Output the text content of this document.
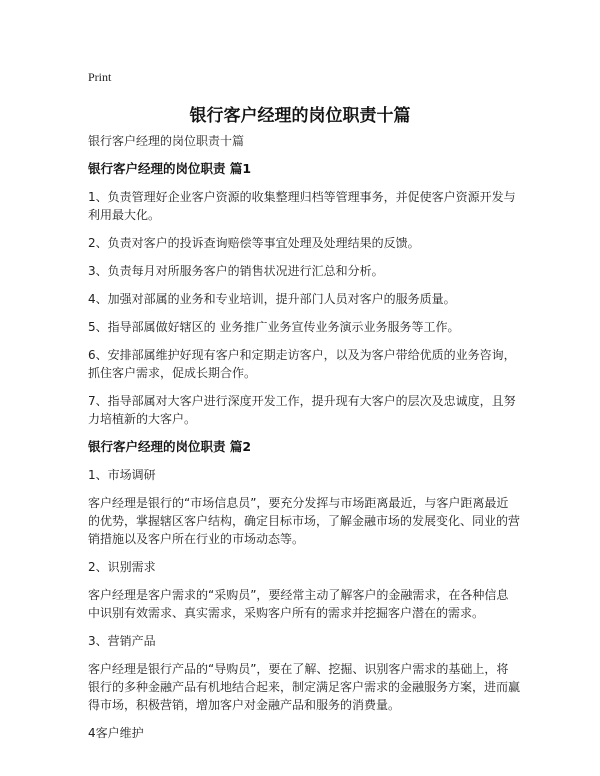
Print
银行客户经理的岗位职责十篇

银行客户经理的岗位职责十篇

银行客户经理的岗位职责 篇1

1、负责管理好企业客户资源的收集整理归档等管理事务，并促使客户资源开发与利用最大化。

2、负责对客户的投诉查询赔偿等事宜处理及处理结果的反馈。

3、负责每月对所服务客户的销售状况进行汇总和分析。

4、加强对部属的业务和专业培训，提升部门人员对客户的服务质量。

5、指导部属做好辖区的 业务推广业务宣传业务演示业务服务等工作。

6、安排部属维护好现有客户和定期走访客户，以及为客户带给优质的业务咨询，抓住客户需求，促成长期合作。

7、指导部属对大客户进行深度开发工作，提升现有大客户的层次及忠诚度，且努力培植新的大客户。

银行客户经理的岗位职责 篇2

1、市场调研

客户经理是银行的“市场信息员”，要充分发挥与市场距离最近，与客户距离最近的优势，掌握辖区客户结构，确定目标市场，了解金融市场的发展变化、同业的营销措施以及客户所在行业的市场动态等。

2、识别需求

客户经理是客户需求的“采购员”，要经常主动了解客户的金融需求，在各种信息中识别有效需求、真实需求，采购客户所有的需求并挖掘客户潜在的需求。

3、营销产品

客户经理是银行产品的“导购员”，要在了解、挖掘、识别客户需求的基础上，将银行的多种金融产品有机地结合起来，制定满足客户需求的金融服务方案，进而赢得市场，积极营销，增加客户对金融产品和服务的消费量。

4客户维护
